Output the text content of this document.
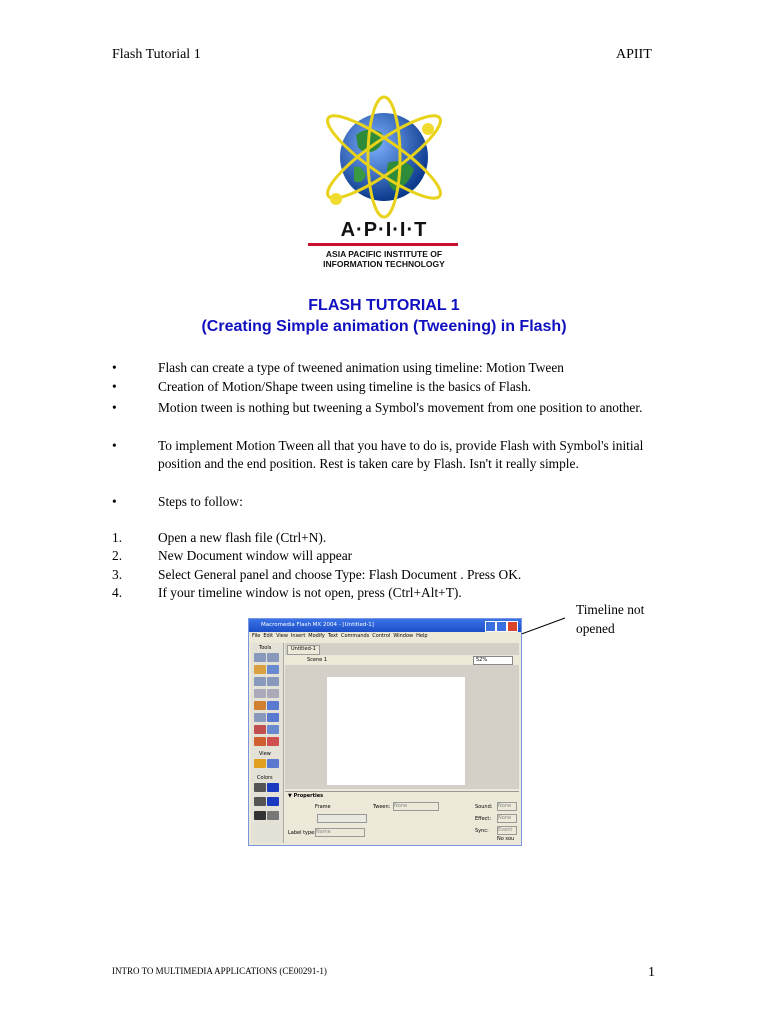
Flash Tutorial 1	APIIT
A·P·I·I·T
ASIA PACIFIC INSTITUTE OF
INFORMATION TECHNOLOGY
FLASH TUTORIAL 1
(Creating Simple animation (Tweening) in Flash)
•	Flash can create a type of tweened animation using timeline: Motion Tween
•	Creation of Motion/Shape tween using timeline is the basics of Flash.
•	Motion tween is nothing but tweening a Symbol's movement from one position to another.
•	To implement Motion Tween all that you have to do is, provide Flash with Symbol's initial position and the end position. Rest is taken care by Flash. Isn't it really simple.
•	Steps to follow:
1.	Open a new flash file (Ctrl+N).
2.	New Document window will appear
3.	Select General panel and choose Type: Flash Document . Press OK.
4.	If your timeline window is not open, press (Ctrl+Alt+T).
Timeline not opened
Macromedia Flash MX 2004 - [Untitled-1]
File Edit View Insert Modify Text Commands Control Window Help
Tools
View
Colors
Untitled-1
Scene 1	52%
▼ Properties
Frame	Tween: None	Sound: None
Effect: None
Sync: Event
No sou
Label type: Name
INTRO TO MULTIMEDIA APPLICATIONS (CE00291-1)	1
